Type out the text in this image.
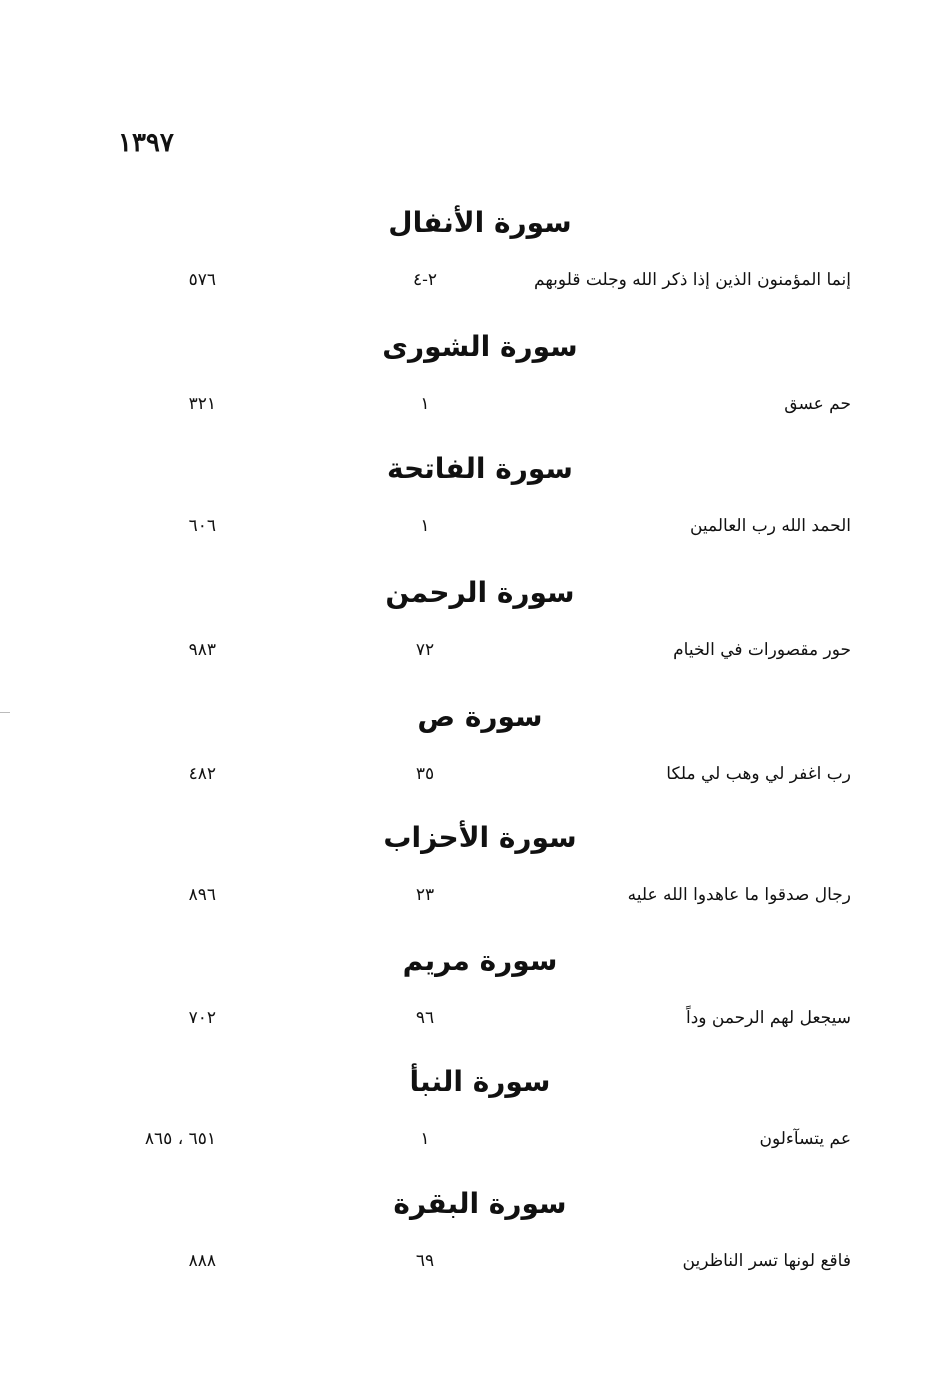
١٣٩٧
سورة الأنفال
إنما المؤمنون الذين إذا ذكر الله وجلت قلوبهم
٢-٤
٥٧٦
سورة الشورى
حم عسق
١
٣٢١
سورة الفاتحة
الحمد الله رب العالمين
١
٦٠٦
سورة الرحمن
حور مقصورات في الخيام
٧٢
٩٨٣
سورة ص
رب اغفر لي وهب لي ملكا
٣٥
٤٨٢
سورة الأحزاب
رجال صدقوا ما عاهدوا الله عليه
٢٣
٨٩٦
سورة مريم
سيجعل لهم الرحمن وداً
٩٦
٧٠٢
سورة النبأ
عم يتسآءلون
١
٦٥١ ، ٨٦٥
سورة البقرة
فاقع لونها تسر الناظرين
٦٩
٨٨٨
